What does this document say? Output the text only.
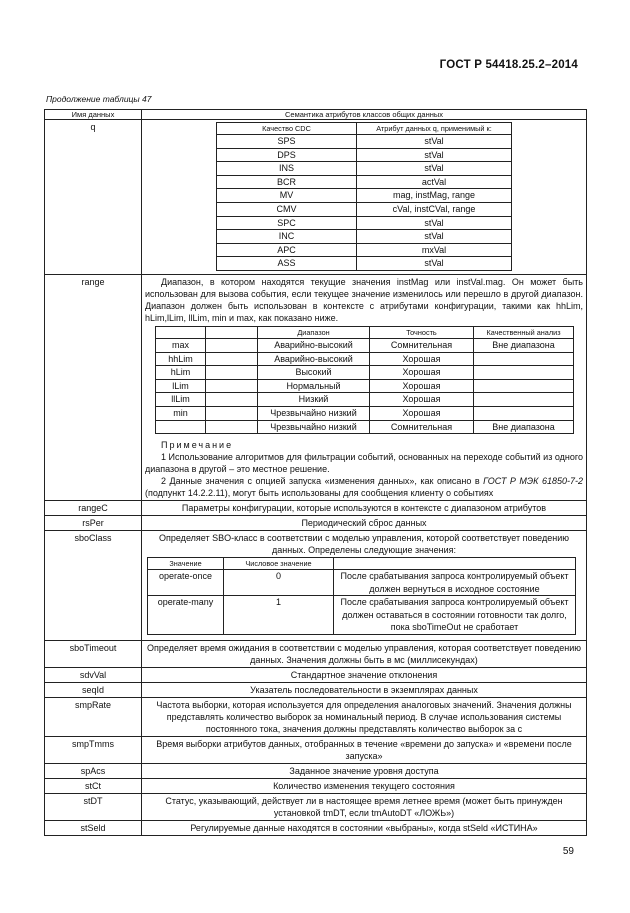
ГОСТ Р 54418.25.2–2014
Продолжение таблицы 47
Имя данных	Семантика атрибутов классов общих данных
q		Качество CDC	Атрибут данных q, применимый к:
SPS	stVal
DPS	stVal
INS	stVal
BCR	actVal
MV	mag, instMag, range
CMV	cVal, instCVal, range
SPC	stVal
INC	stVal
APC	mxVal
ASS	stVal

range	Диапазон, в котором находятся текущие значения instMag или instVal.mag. Он может быть использован для вызова события, если текущее значение изменилось или перешло в другой диапазон. Диапазон должен быть использован в контексте с атрибутами конфигурации, такими как hhLim, hLim,lLim, llLim, min и max, как показано ниже.
		Диапазон	Точность	Качественный анализ
max		Аварийно-высокий	Сомнительная	Вне диапазона
hhLim		Аварийно-высокий	Хорошая	
hLim		Высокий	Хорошая	
lLim		Нормальный	Хорошая	
llLim		Низкий	Хорошая	
min		Чрезвычайно низкий	Хорошая	
		Чрезвычайно низкий	Сомнительная	Вне диапазона
Примечание
1 Использование алгоритмов для фильтрации событий, основанных на переходе событий из одного диапазона в другой – это местное решение.
2 Данные значения с опцией запуска «изменения данных», как описано в ГОСТ Р МЭК 61850-7-2 (подпункт 14.2.2.11), могут быть использованы для сообщения клиенту о событиях

rangeC	Параметры конфигурации, которые используются в контексте с диапазоном атрибутов
rsPer	Периодический сброс данных
sboClass	Определяет SBO-класс в соответствии с моделью управления, которой соответствует поведению данных. Определены следующие значения:
Значение	Числовое значение	
operate-once	0	После срабатывания запроса контролируемый объект должен вернуться в исходное состояние
operate-many	1	После срабатывания запроса контролируемый объект должен оставаться в состоянии готовности так долго, пока sboTimeOut не сработает

sboTimeout	Определяет время ожидания в соответствии с моделью управления, которая соответствует поведению данных. Значения должны быть в мс (миллисекундах)
sdvVal	Стандартное значение отклонения
seqId	Указатель последовательности в экземплярах данных
smpRate	Частота выборки, которая используется для определения аналоговых значений. Значения должны представлять количество выборок за номинальный период. В случае использования системы постоянного тока, значения должны представлять количество выборок за с
smpTmms	Время выборки атрибутов данных, отобранных в течение «времени до запуска» и «времени после запуска»
spAcs	Заданное значение уровня доступа
stCt	Количество изменения текущего состояния
stDT	Статус, указывающий, действует ли в настоящее время летнее время (может быть принужден установкой tmDT, если tmAutoDT «ЛОЖЬ»)
stSeld	Регулируемые данные находятся в состоянии «выбраны», когда stSeld «ИСТИНА»
59
